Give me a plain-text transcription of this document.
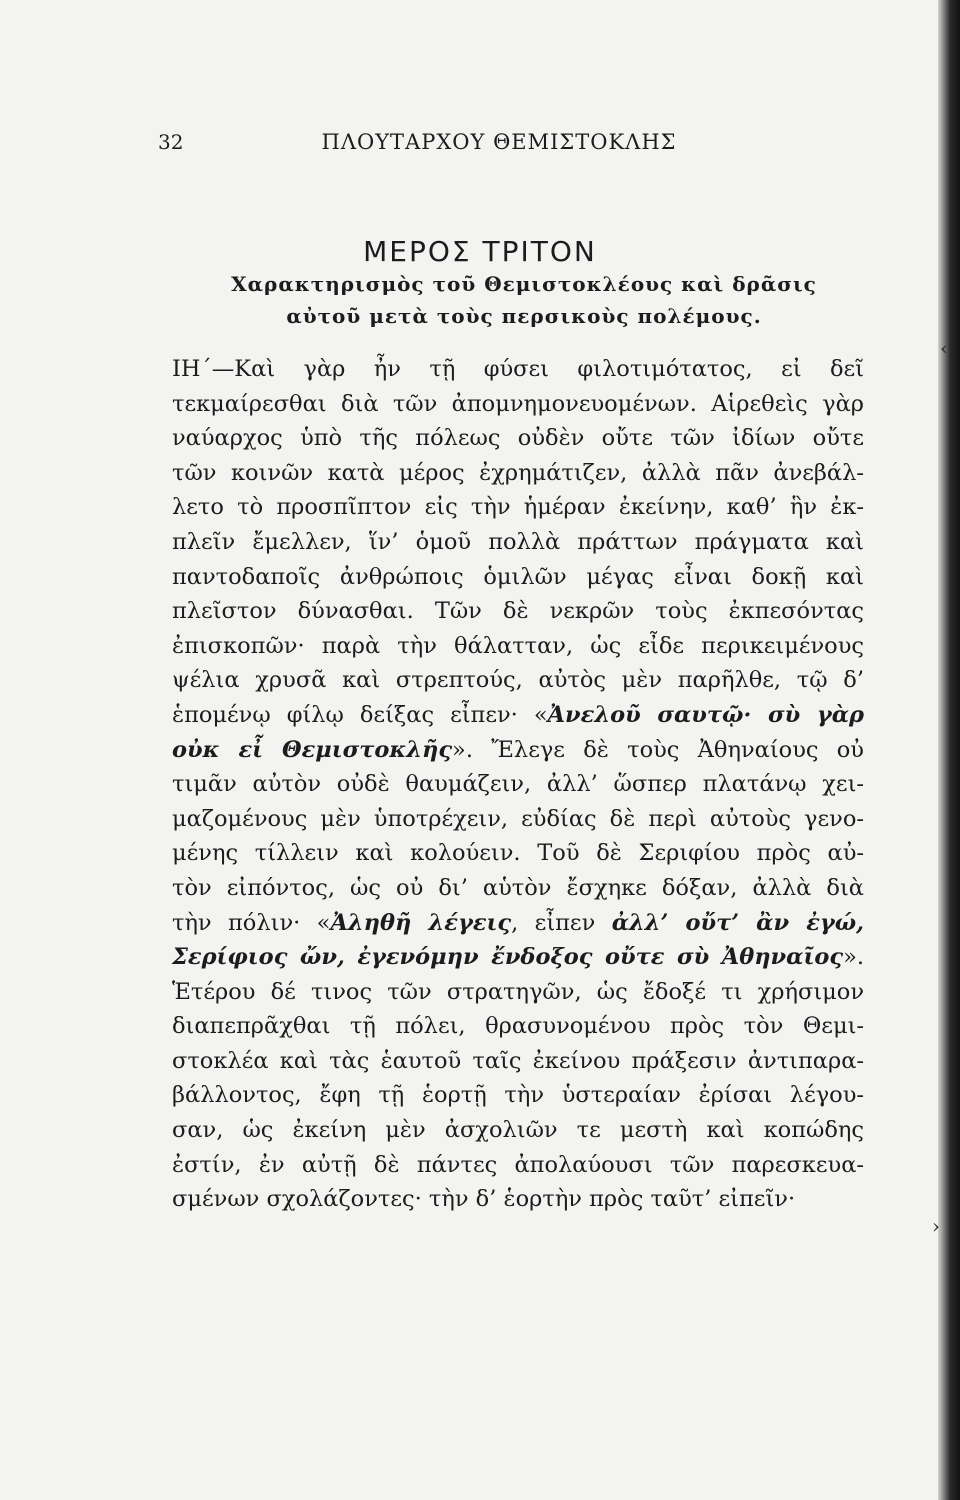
32	ΠΛΟΥΤΑΡΧΟΥ ΘΕΜΙΣΤΟΚΛΗΣ
ΜΕΡΟΣ ΤΡΙΤΟΝ
Χαρακτηρισμὸς τοῦ Θεμιστοκλέους καὶ δρᾶσις
αὐτοῦ μετὰ τοὺς περσικοὺς πολέμους.
ΙΗ΄—Καὶ γὰρ ἦν τῇ φύσει φιλοτιμότατος, εἰ δεῖ
τεκμαίρεσθαι διὰ τῶν ἀπομνημονευομένων. Αἱρεθεὶς γὰρ
ναύαρχος ὑπὸ τῆς πόλεως οὐδὲν οὔτε τῶν ἰδίων οὔτε
τῶν κοινῶν κατὰ μέρος ἐχρημάτιζεν, ἀλλὰ πᾶν ἀνεβάλ-
λετο τὸ προσπῖπτον εἰς τὴν ἡμέραν ἐκείνην, καθ’ ἣν ἐκ-
πλεῖν ἔμελλεν, ἵν’ ὁμοῦ πολλὰ πράττων πράγματα καὶ
παντοδαποῖς ἀνθρώποις ὁμιλῶν μέγας εἶναι δοκῇ καὶ
πλεῖστον δύνασθαι. Τῶν δὲ νεκρῶν τοὺς ἐκπεσόντας
ἐπισκοπῶν· παρὰ τὴν θάλατταν, ὡς εἶδε περικειμένους
ψέλια χρυσᾶ καὶ στρεπτούς, αὐτὸς μὲν παρῆλθε, τῷ δ’
ἑπομένῳ φίλῳ δείξας εἶπεν· «Ἀνελοῦ σαυτῷ· σὺ γὰρ
οὐκ εἶ Θεμιστοκλῆς». Ἔλεγε δὲ τοὺς Ἀθηναίους οὐ
τιμᾶν αὐτὸν οὐδὲ θαυμάζειν, ἀλλ’ ὥσπερ πλατάνῳ χει-
μαζομένους μὲν ὑποτρέχειν, εὐδίας δὲ περὶ αὐτοὺς γενο-
μένης τίλλειν καὶ κολούειν. Τοῦ δὲ Σεριφίου πρὸς αὐ-
τὸν εἰπόντος, ὡς οὐ δι’ αὑτὸν ἔσχηκε δόξαν, ἀλλὰ διὰ
τὴν πόλιν· «Ἀληθῆ λέγεις, εἶπεν ἀλλ’ οὔτ’ ἂν ἐγώ,
Σερίφιος ὤν, ἐγενόμην ἔνδοξος οὔτε σὺ Ἀθηναῖος».
Ἑτέρου δέ τινος τῶν στρατηγῶν, ὡς ἔδοξέ τι χρήσιμον
διαπεπρᾶχθαι τῇ πόλει, θρασυνομένου πρὸς τὸν Θεμι-
στοκλέα καὶ τὰς ἑαυτοῦ ταῖς ἐκείνου πράξεσιν ἀντιπαρα-
βάλλοντος, ἔφη τῇ ἑορτῇ τὴν ὑστεραίαν ἐρίσαι λέγου-
σαν, ὡς ἐκείνη μὲν ἀσχολιῶν τε μεστὴ καὶ κοπώδης
ἐστίν, ἐν αὐτῇ δὲ πάντες ἀπολαύουσι τῶν παρεσκευα-
σμένων σχολάζοντες· τὴν δ’ ἑορτὴν πρὸς ταῦτ’ εἰπεῖν·
‹
›
